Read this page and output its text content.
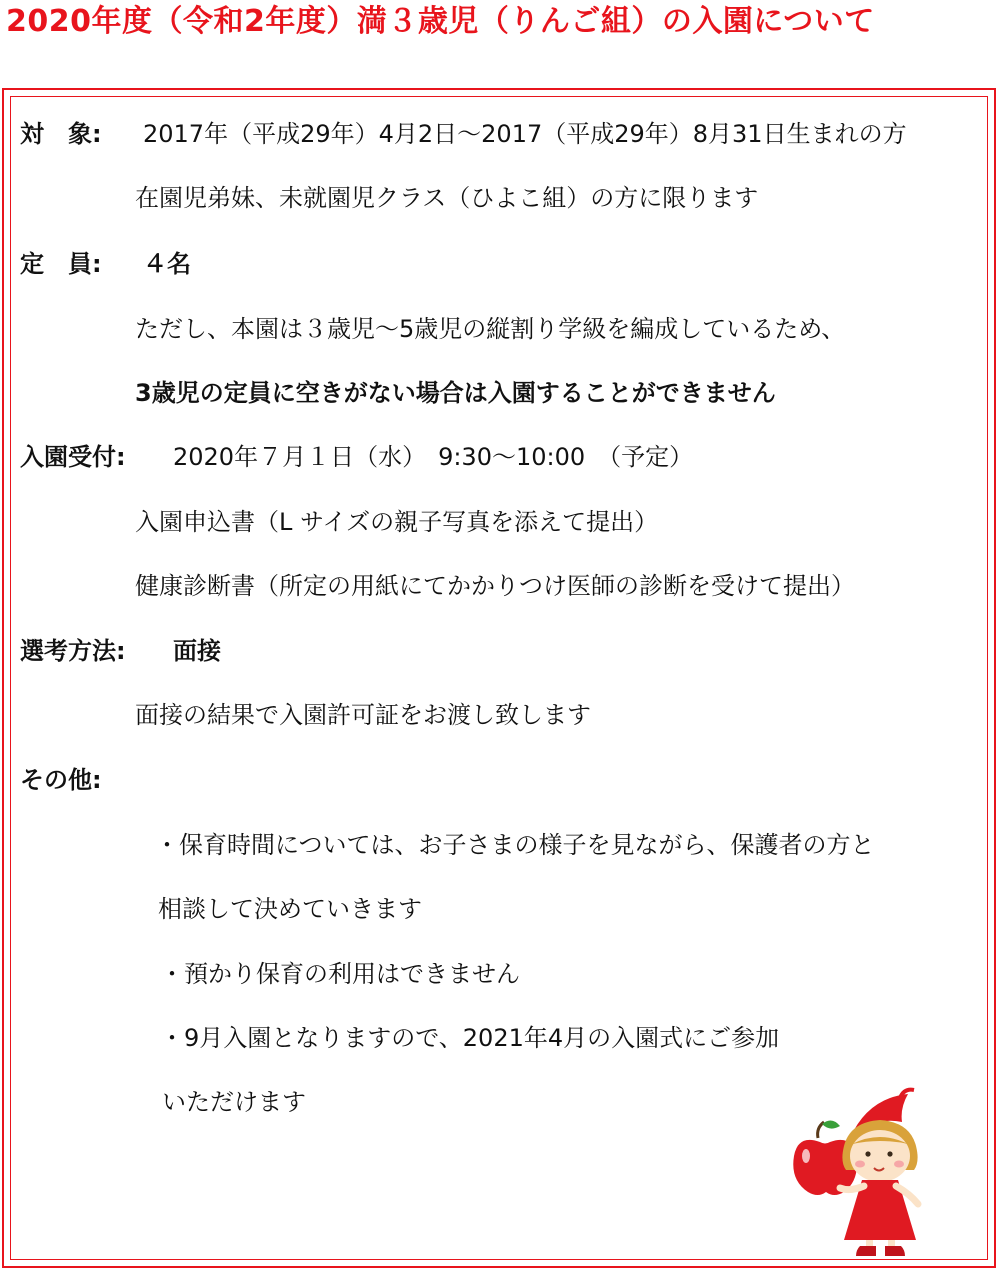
2020年度（令和2年度）満３歳児（りんご組）の入園について
対　象: 2017年（平成29年）4月2日～2017（平成29年）8月31日生まれの方
在園児弟妹、未就園児クラス（ひよこ組）の方に限ります
定　員: ４名
ただし、本園は３歳児～5歳児の縦割り学級を編成しているため、
3歳児の定員に空きがない場合は入園することができません
入園受付: 2020年７月１日（水）　9:30～10:00　（予定）
入園申込書（L サイズの親子写真を添えて提出）
健康診断書（所定の用紙にてかかりつけ医師の診断を受けて提出）
選考方法: 面接
面接の結果で入園許可証をお渡し致します
その他:
・保育時間については、お子さまの様子を見ながら、保護者の方と
相談して決めていきます
・預かり保育の利用はできません
・9月入園となりますので、2021年4月の入園式にご参加
いただけます
